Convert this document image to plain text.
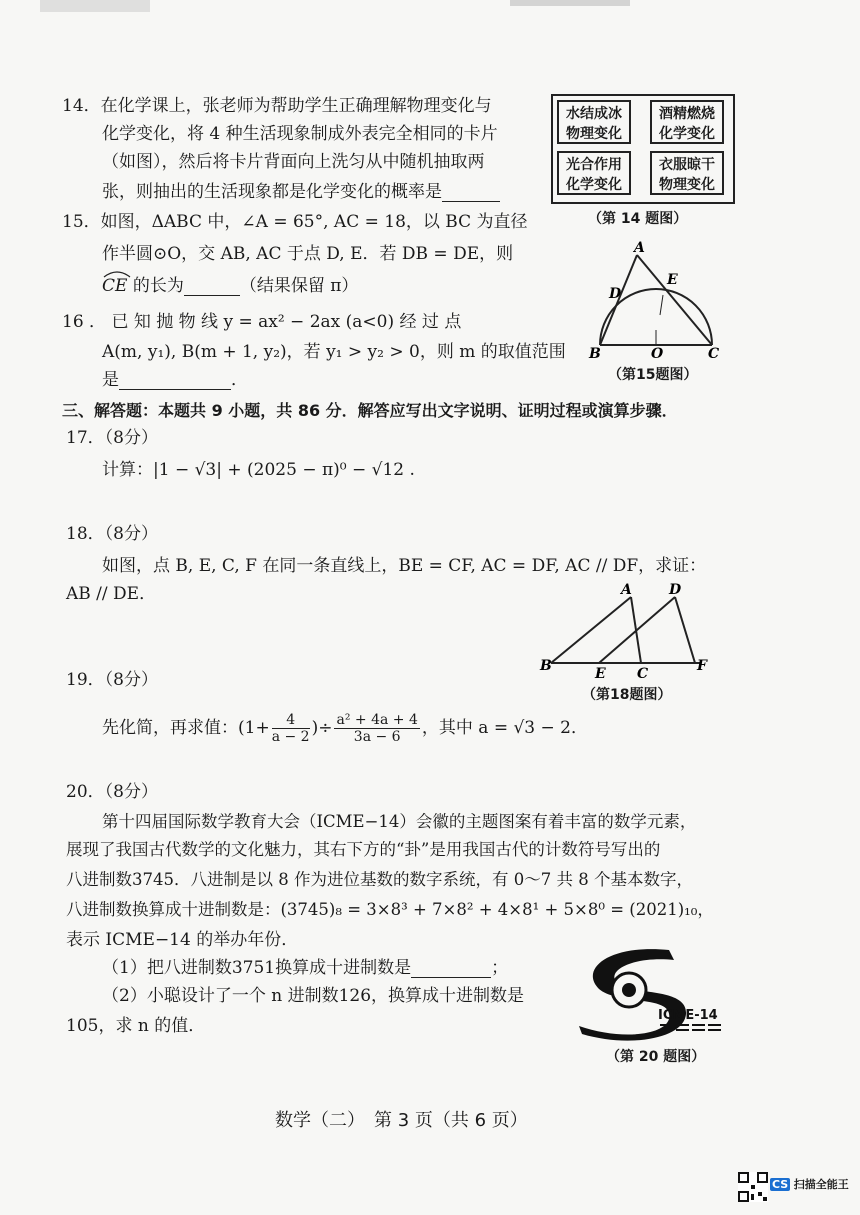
14．在化学课上，张老师为帮助学生正确理解物理变化与
化学变化，将 4 种生活现象制成外表完全相同的卡片
（如图），然后将卡片背面向上洗匀从中随机抽取两
张，则抽出的生活现象都是化学变化的概率是
水结成冰
物理变化
酒精燃烧
化学变化
光合作用
化学变化
衣服晾干
物理变化
（第 14 题图）
15．如图，ΔABC 中，∠A = 65°, AC = 18，以 BC 为直径
作半圆⊙O，交 AB, AC 于点 D, E．若 DB = DE，则
CE 的长为	（结果保留 π）
A
B	C
D
E
O
（第15题图）
16 ． 已 知 抛 物 线 y = ax² − 2ax (a<0) 经 过 点
A(m, y₁), B(m + 1, y₂)，若 y₁ > y₂ > 0，则 m 的取值范围
是	．
三、解答题：本题共 9 小题，共 86 分．解答应写出文字说明、证明过程或演算步骤．
17．（8分）
计算：|1 − √3| + (2025 − π)⁰ − √12 .
18．（8分）
如图，点 B, E, C, F 在同一条直线上，BE = CF, AC = DF, AC // DF，求证：
AB // DE．
B
A	D
E C	F
（第18题图）
19．（8分）
先化简，再求值：($1+ \frac{4}{a - 2}$ )÷ $\frac{\text{a² + 4a + 4}}{3a - 6}$ ，其中 a = √3 − 2．
20．（8分）
第十四届国际数学教育大会（ICME−14）会徽的主题图案有着丰富的数学元素，
展现了我国古代数学的文化魅力，其右下方的“卦”是用我国古代的计数符号写出的
八进制数3745．八进制是以 8 作为进位基数的数字系统，有 0～7 共 8 个基本数字，
八进制数换算成十进制数是：(3745)₈ = 3×8³ + 7×8² + 4×8¹ + 5×8⁰ = (2021)₁₀，
表示 ICME−14 的举办年份．
（1）把八进制数3751换算成十进制数是	；
（2）小聪设计了一个 n 进制数126，换算成十进制数是
105，求 n 的值．
ICME-14
（第 20 题图）
数学（二）　第 3 页（共 6 页）
CS 扫描全能王
